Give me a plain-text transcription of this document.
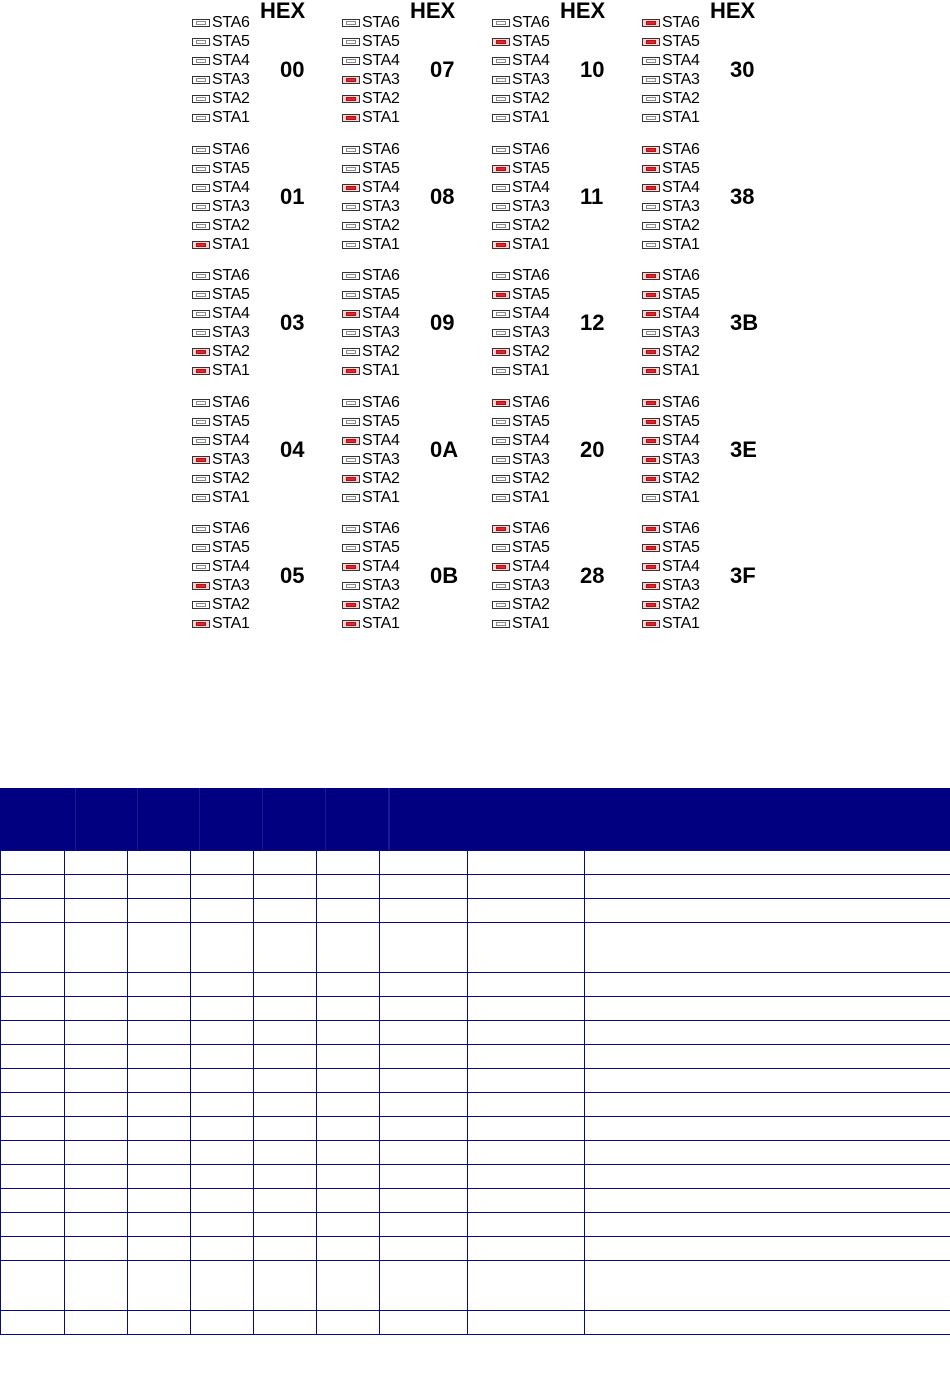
HEX
STA6
STA5
STA4
STA3
STA2
STA1
00
STA6
STA5
STA4
STA3
STA2
STA1
01
STA6
STA5
STA4
STA3
STA2
STA1
03
STA6
STA5
STA4
STA3
STA2
STA1
04
STA6
STA5
STA4
STA3
STA2
STA1
05
HEX
STA6
STA5
STA4
STA3
STA2
STA1
07
STA6
STA5
STA4
STA3
STA2
STA1
08
STA6
STA5
STA4
STA3
STA2
STA1
09
STA6
STA5
STA4
STA3
STA2
STA1
0A
STA6
STA5
STA4
STA3
STA2
STA1
0B
HEX
STA6
STA5
STA4
STA3
STA2
STA1
10
STA6
STA5
STA4
STA3
STA2
STA1
11
STA6
STA5
STA4
STA3
STA2
STA1
12
STA6
STA5
STA4
STA3
STA2
STA1
20
STA6
STA5
STA4
STA3
STA2
STA1
28
HEX
STA6
STA5
STA4
STA3
STA2
STA1
30
STA6
STA5
STA4
STA3
STA2
STA1
38
STA6
STA5
STA4
STA3
STA2
STA1
3B
STA6
STA5
STA4
STA3
STA2
STA1
3E
STA6
STA5
STA4
STA3
STA2
STA1
3F
